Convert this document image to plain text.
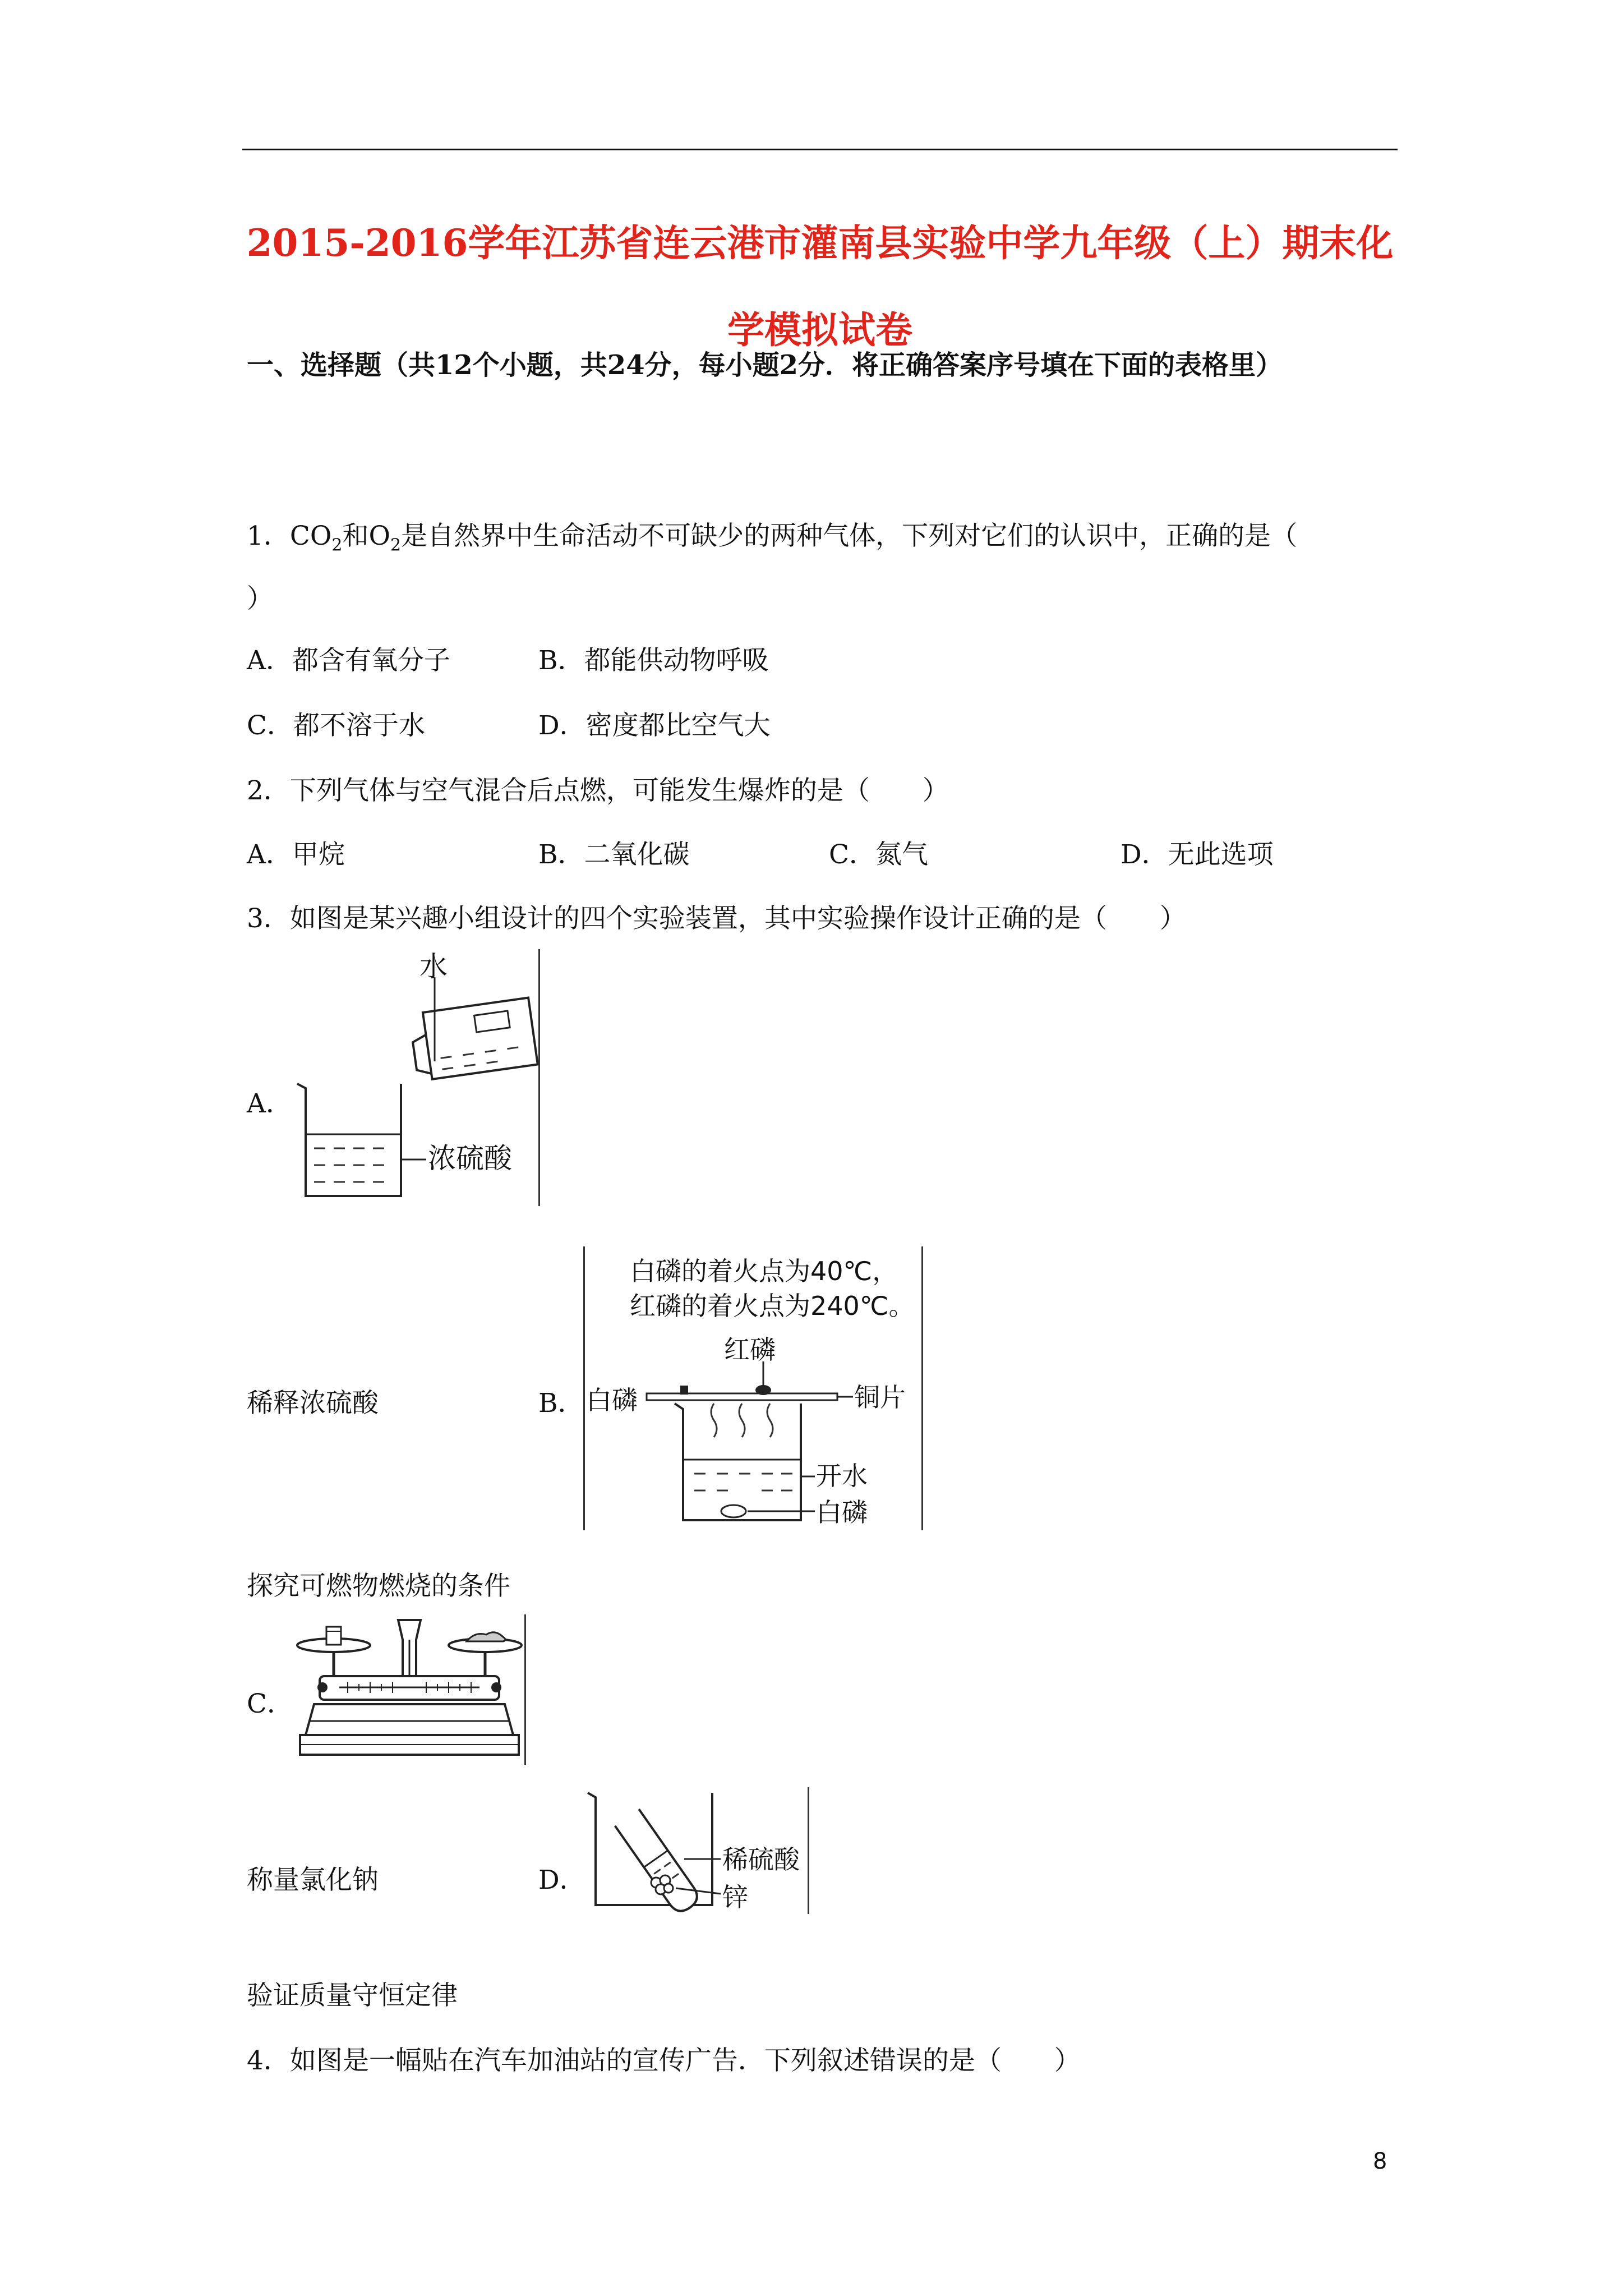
2015-2016学年江苏省连云港市灌南县实验中学九年级（上）期末化
学模拟试卷
一、选择题（共12个小题，共24分，每小题2分．将正确答案序号填在下面的表格里）
1．$CO_2$和$O_2$是自然界中生命活动不可缺少的两种气体，下列对它们的认识中，正确的是（
）
A．都含有氧分子	B．都能供动物呼吸
C．都不溶于水	D．密度都比空气大
2．下列气体与空气混合后点燃，可能发生爆炸的是（　　）
A．甲烷	B．二氧化碳	C．氮气	D．无此选项
3．如图是某兴趣小组设计的四个实验装置，其中实验操作设计正确的是（　　）
A．
水
浓硫酸
稀释浓硫酸	B．
白磷的着火点为40℃，
红磷的着火点为240℃。
红磷
白磷	铜片
开水
白磷
探究可燃物燃烧的条件
C．
称量氯化钠	D．
稀硫酸
锌
验证质量守恒定律
4．如图是一幅贴在汽车加油站的宣传广告．下列叙述错误的是（　　）
8
